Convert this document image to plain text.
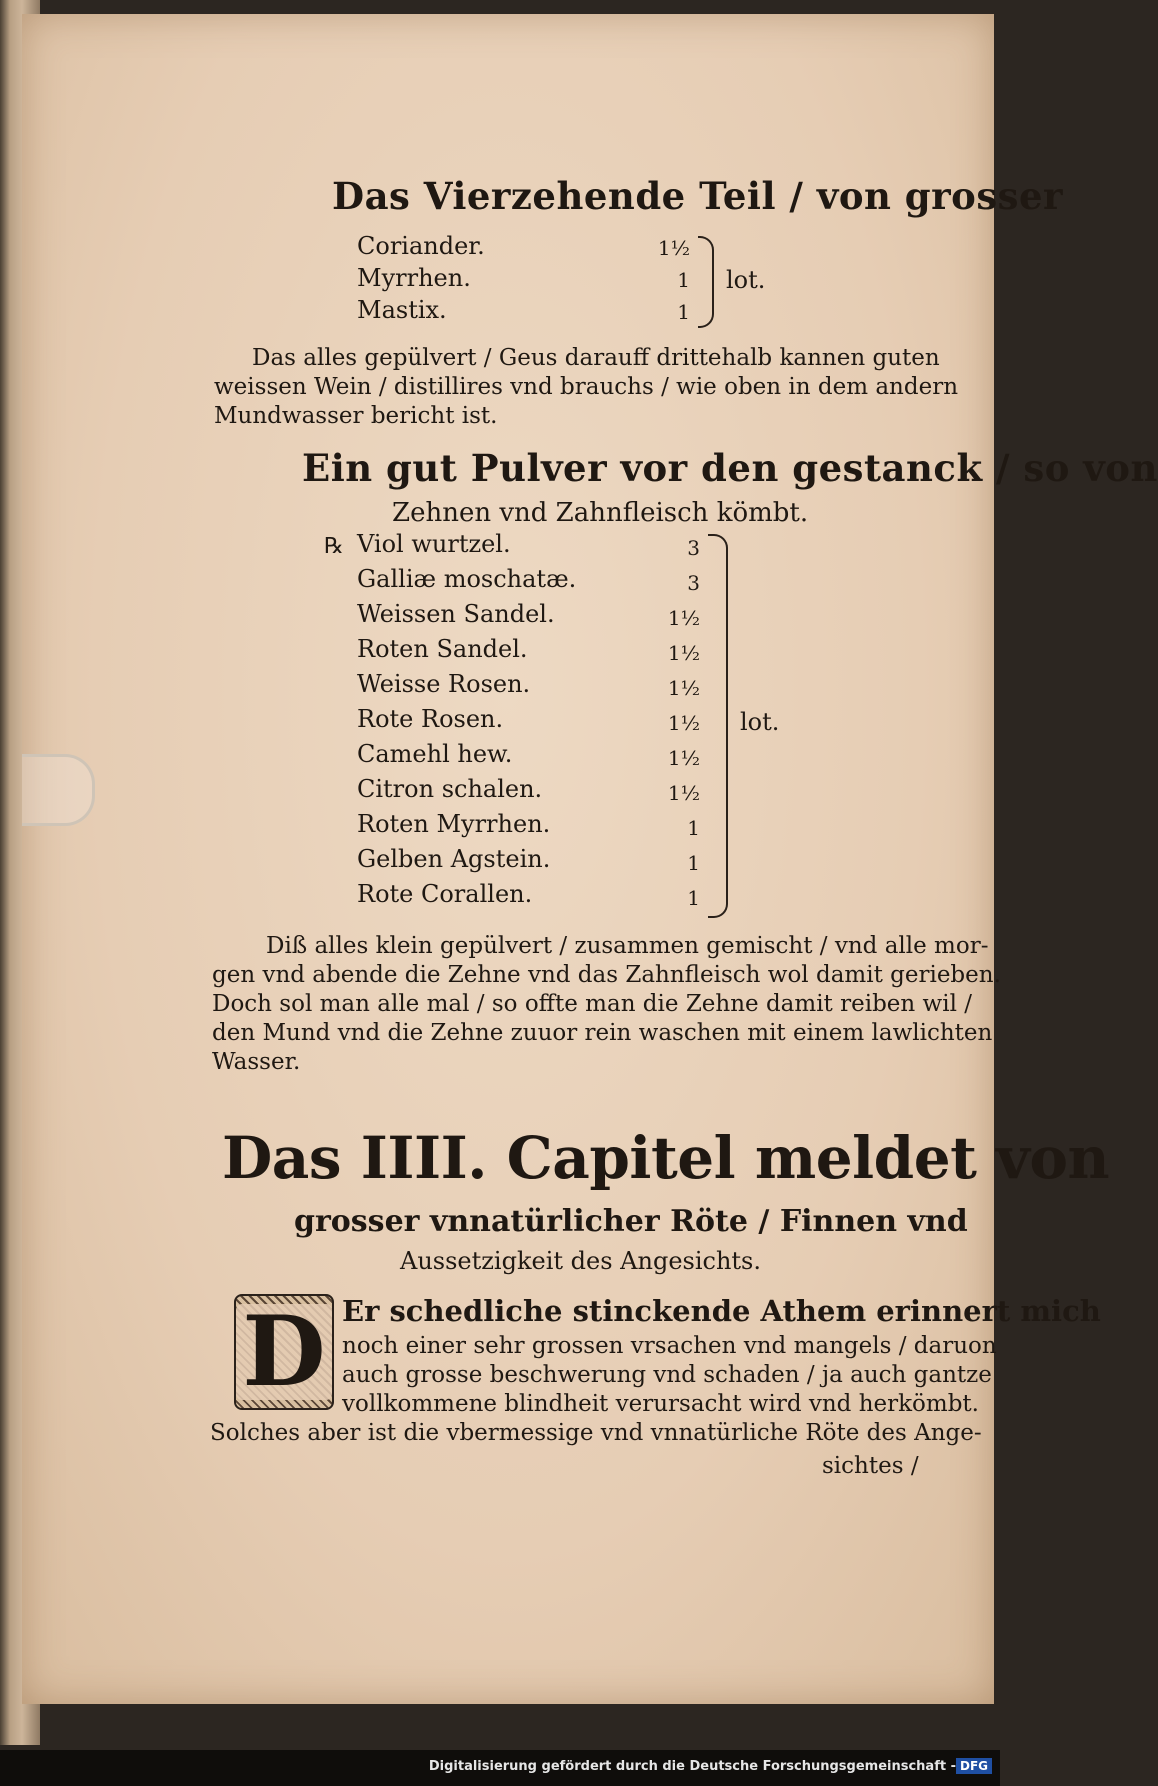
Das Vierzehende Teil / von grosser
Coriander.	1½
Myrrhen.	1
Mastix.	1
lot.
Das alles gepülvert / Geus darauff drittehalb kannen guten
weissen Wein / distillires vnd brauchs / wie oben in dem andern
Mundwasser bericht ist.
Ein gut Pulver vor den gestanck / so von
Zehnen vnd Zahnfleisch kömbt.
℞ Viol wurtzel.	3
Galliæ moschatæ.	3
Weissen Sandel.	1½
Roten Sandel.	1½
Weisse Rosen.	1½
Rote Rosen.	1½
Camehl hew.	1½
Citron schalen.	1½
Roten Myrrhen.	1
Gelben Agstein.	1
Rote Corallen.	1
lot.
Diß alles klein gepülvert / zusammen gemischt / vnd alle mor-
gen vnd abende die Zehne vnd das Zahnfleisch wol damit gerieben.
Doch sol man alle mal / so offte man die Zehne damit reiben wil /
den Mund vnd die Zehne zuuor rein waschen mit einem lawlichten
Wasser.
Das IIII. Capitel meldet von
grosser vnnatürlicher Röte / Finnen vnd
Aussetzigkeit des Angesichts.
D Er schedliche stinckende Athem erinnert mich
noch einer sehr grossen vrsachen vnd mangels / daruon
auch grosse beschwerung vnd schaden / ja auch gantze
vollkommene blindheit verursacht wird vnd herkömbt.
Solches aber ist die vbermessige vnd vnnatürliche Röte des Ange-
sichtes /
Digitalisierung gefördert durch die Deutsche Forschungsgemeinschaft - DFG
